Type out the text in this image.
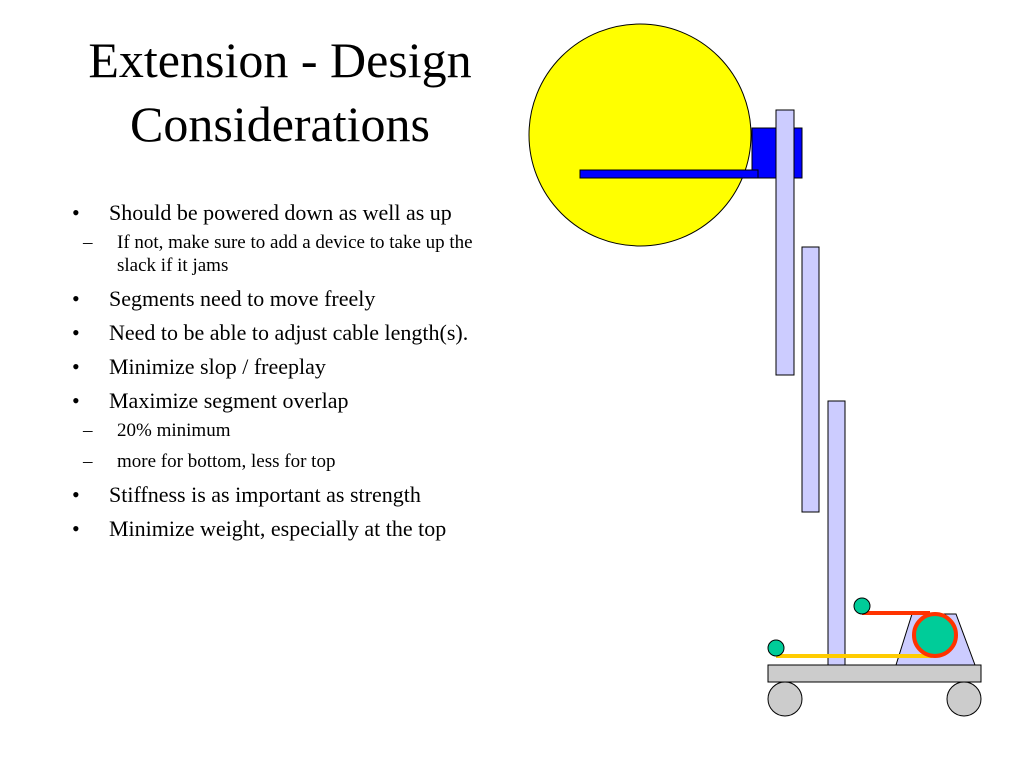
Extension - Design
Considerations
• Should be powered down as well as up
– If not, make sure to add a device to take up the slack if it jams
• Segments need to move freely
• Need to be able to adjust cable length(s).
• Minimize slop / freeplay
• Maximize segment overlap
– 20% minimum
– more for bottom, less for top
• Stiffness is as important as strength
• Minimize weight, especially at the top
